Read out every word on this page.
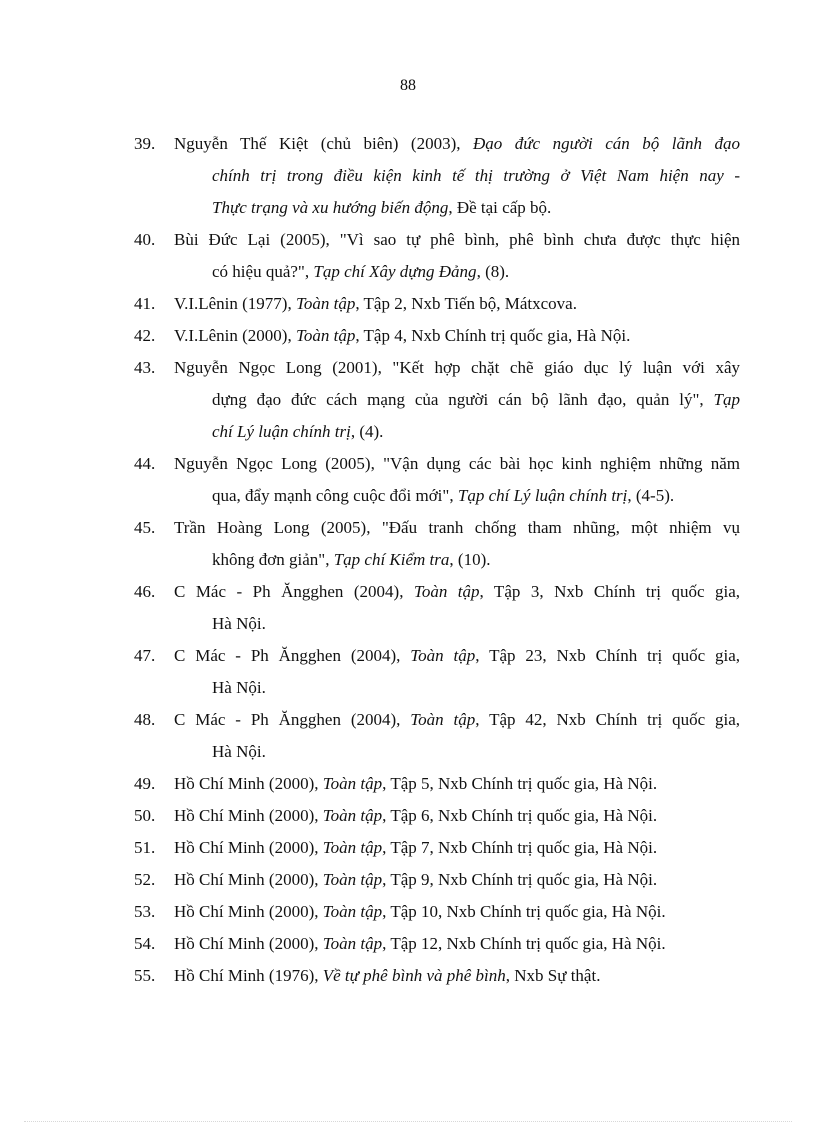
88
39.	Nguyễn Thế Kiệt (chủ biên) (2003), Đạo đức người cán bộ lãnh đạo
chính trị trong điều kiện kinh tế thị trường ở Việt Nam hiện nay -
Thực trạng và xu hướng biến động, Đề tại cấp bộ.
40.	Bùi Đức Lại (2005), "Vì sao tự phê bình, phê bình chưa được thực hiện
có hiệu quả?", Tạp chí Xây dựng Đảng, (8).
41.	V.I.Lênin (1977), Toàn tập, Tập 2, Nxb Tiến bộ, Mátxcova.
42.	V.I.Lênin (2000), Toàn tập, Tập 4, Nxb Chính trị quốc gia, Hà Nội.
43.	Nguyễn Ngọc Long (2001), "Kết hợp chặt chẽ giáo dục lý luận với xây
dựng đạo đức cách mạng của người cán bộ lãnh đạo, quản lý", Tạp
chí Lý luận chính trị, (4).
44.	Nguyễn Ngọc Long (2005), "Vận dụng các bài học kinh nghiệm những năm
qua, đẩy mạnh công cuộc đổi mới", Tạp chí Lý luận chính trị, (4-5).
45.	Trần Hoàng Long (2005), "Đấu tranh chống tham nhũng, một nhiệm vụ
không đơn giản", Tạp chí Kiểm tra, (10).
46.	C Mác - Ph Ăngghen (2004), Toàn tập, Tập 3, Nxb Chính trị quốc gia,
Hà Nội.
47.	C Mác - Ph Ăngghen (2004), Toàn tập, Tập 23, Nxb Chính trị quốc gia,
Hà Nội.
48.	C Mác - Ph Ăngghen (2004), Toàn tập, Tập 42, Nxb Chính trị quốc gia,
Hà Nội.
49.	Hồ Chí Minh (2000), Toàn tập, Tập 5, Nxb Chính trị quốc gia, Hà Nội.
50.	Hồ Chí Minh (2000), Toàn tập, Tập 6, Nxb Chính trị quốc gia, Hà Nội.
51.	Hồ Chí Minh (2000), Toàn tập, Tập 7, Nxb Chính trị quốc gia, Hà Nội.
52.	Hồ Chí Minh (2000), Toàn tập, Tập 9, Nxb Chính trị quốc gia, Hà Nội.
53.	Hồ Chí Minh (2000), Toàn tập, Tập 10, Nxb Chính trị quốc gia, Hà Nội.
54.	Hồ Chí Minh (2000), Toàn tập, Tập 12, Nxb Chính trị quốc gia, Hà Nội.
55.	Hồ Chí Minh (1976), Về tự phê bình và phê bình, Nxb Sự thật.
